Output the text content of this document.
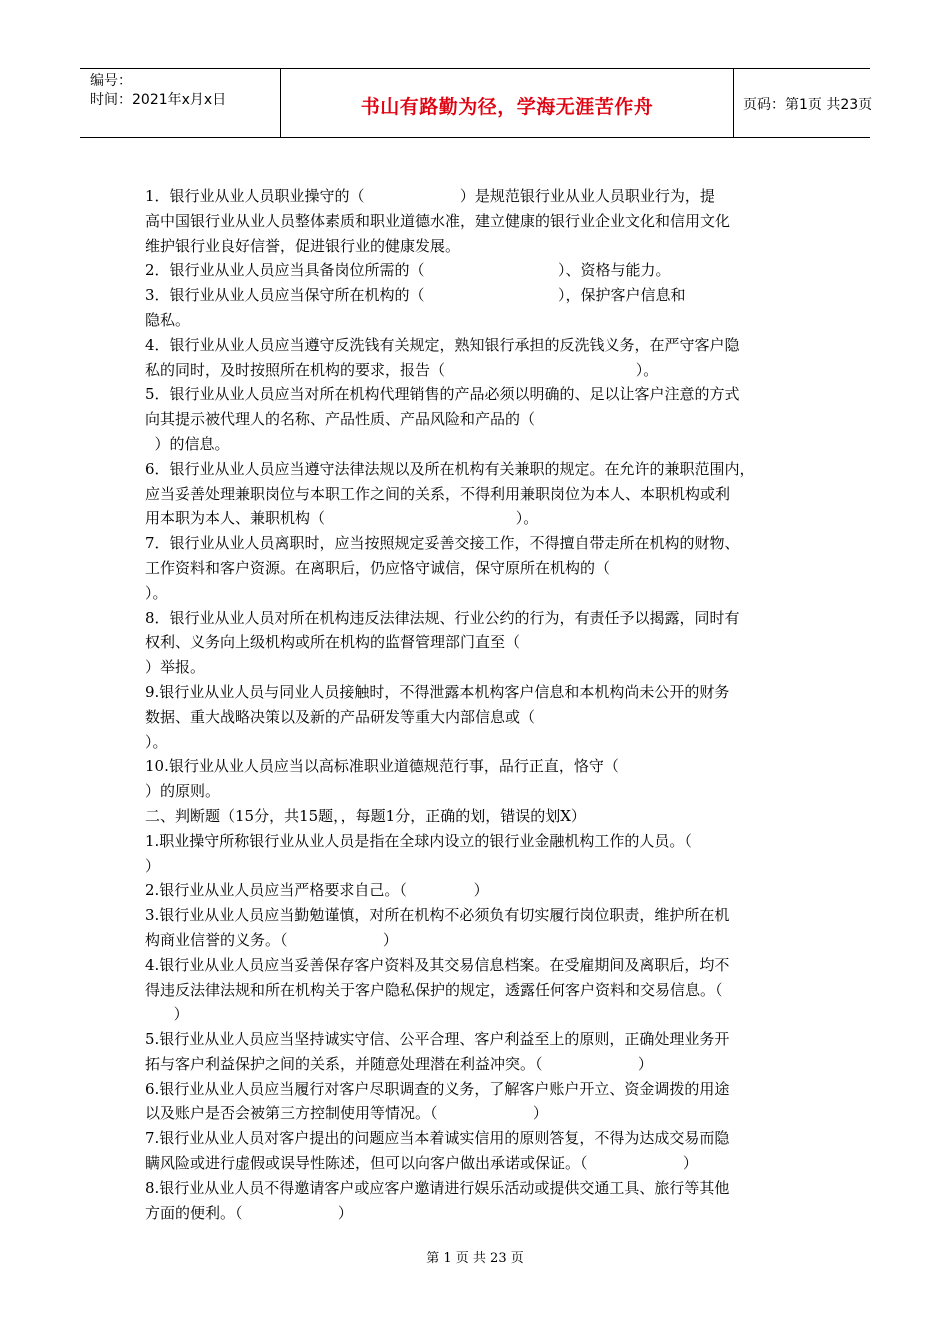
编号：
时间：2021年x月x日	书山有路勤为径，学海无涯苦作舟	页码：第1页 共23页
1．银行业从业人员职业操守的（                    ）是规范银行业从业人员职业行为，提
高中国银行业从业人员整体素质和职业道德水准，建立健康的银行业企业文化和信用文化
维护银行业良好信誉，促进银行业的健康发展。
2．银行业从业人员应当具备岗位所需的（                            ）、资格与能力。
3．银行业从业人员应当保守所在机构的（                            ），保护客户信息和
隐私。
4．银行业从业人员应当遵守反洗钱有关规定，熟知银行承担的反洗钱义务，在严守客户隐
私的同时，及时按照所在机构的要求，报告（                                        ）。
5．银行业从业人员应当对所在机构代理销售的产品必须以明确的、足以让客户注意的方式
向其提示被代理人的名称、产品性质、产品风险和产品的（
）的信息。
6．银行业从业人员应当遵守法律法规以及所在机构有关兼职的规定。在允许的兼职范围内，
应当妥善处理兼职岗位与本职工作之间的关系，不得利用兼职岗位为本人、本职机构或利
用本职为本人、兼职机构（                                        ）。
7．银行业从业人员离职时，应当按照规定妥善交接工作，不得擅自带走所在机构的财物、
工作资料和客户资源。在离职后，仍应恪守诚信，保守原所在机构的（
）。
8．银行业从业人员对所在机构违反法律法规、行业公约的行为，有责任予以揭露，同时有
权利、义务向上级机构或所在机构的监督管理部门直至（
）举报。
9.银行业从业人员与同业人员接触时，不得泄露本机构客户信息和本机构尚未公开的财务
数据、重大战略决策以及新的产品研发等重大内部信息或（
）。
10.银行业从业人员应当以高标准职业道德规范行事，品行正直，恪守（
）的原则。
二、判断题（15分，共15题，，每题1分，正确的划，错误的划X）
1.职业操守所称银行业从业人员是指在全球内设立的银行业金融机构工作的人员。（
）
2.银行业从业人员应当严格要求自己。（              ）
3.银行业从业人员应当勤勉谨慎，对所在机构不必须负有切实履行岗位职责，维护所在机
构商业信誉的义务。（                    ）
4.银行业从业人员应当妥善保存客户资料及其交易信息档案。在受雇期间及离职后，均不
得违反法律法规和所在机构关于客户隐私保护的规定，透露任何客户资料和交易信息。（
）
5.银行业从业人员应当坚持诚实守信、公平合理、客户利益至上的原则，正确处理业务开
拓与客户利益保护之间的关系，并随意处理潜在利益冲突。（                    ）
6.银行业从业人员应当履行对客户尽职调查的义务，了解客户账户开立、资金调拨的用途
以及账户是否会被第三方控制使用等情况。（                    ）
7.银行业从业人员对客户提出的问题应当本着诚实信用的原则答复，不得为达成交易而隐
瞒风险或进行虚假或误导性陈述，但可以向客户做出承诺或保证。（                    ）
8.银行业从业人员不得邀请客户或应客户邀请进行娱乐活动或提供交通工具、旅行等其他
方面的便利。（                    ）
第 1 页 共 23 页
